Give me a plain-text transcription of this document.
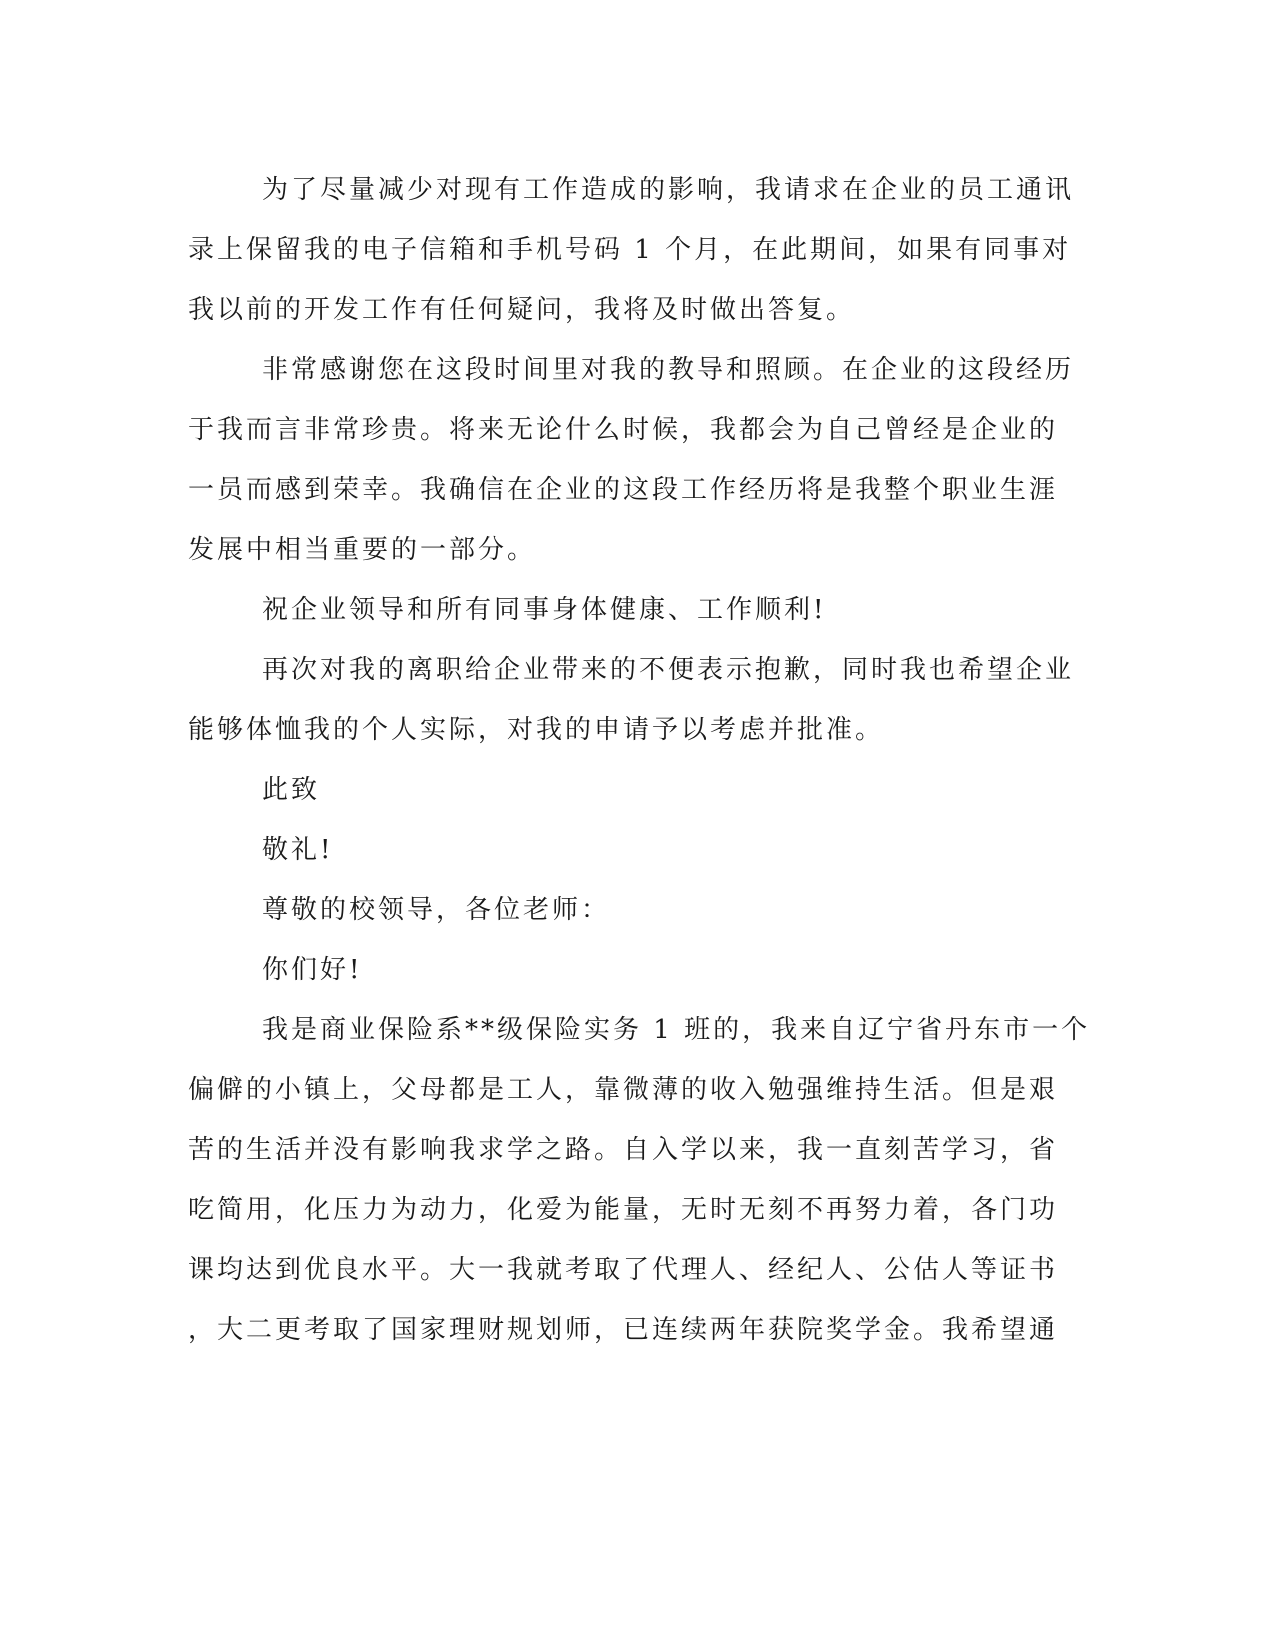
为了尽量减少对现有工作造成的影响，我请求在企业的员工通讯
录上保留我的电子信箱和手机号码 1 个月，在此期间，如果有同事对
我以前的开发工作有任何疑问，我将及时做出答复。
非常感谢您在这段时间里对我的教导和照顾。在企业的这段经历
于我而言非常珍贵。将来无论什么时候，我都会为自己曾经是企业的
一员而感到荣幸。我确信在企业的这段工作经历将是我整个职业生涯
发展中相当重要的一部分。
祝企业领导和所有同事身体健康、工作顺利!
再次对我的离职给企业带来的不便表示抱歉，同时我也希望企业
能够体恤我的个人实际，对我的申请予以考虑并批准。
此致
敬礼!
尊敬的校领导，各位老师：
你们好!
我是商业保险系**级保险实务 1 班的，我来自辽宁省丹东市一个
偏僻的小镇上，父母都是工人，靠微薄的收入勉强维持生活。但是艰
苦的生活并没有影响我求学之路。自入学以来，我一直刻苦学习，省
吃简用，化压力为动力，化爱为能量，无时无刻不再努力着，各门功
课均达到优良水平。大一我就考取了代理人、经纪人、公估人等证书
，大二更考取了国家理财规划师，已连续两年获院奖学金。我希望通
